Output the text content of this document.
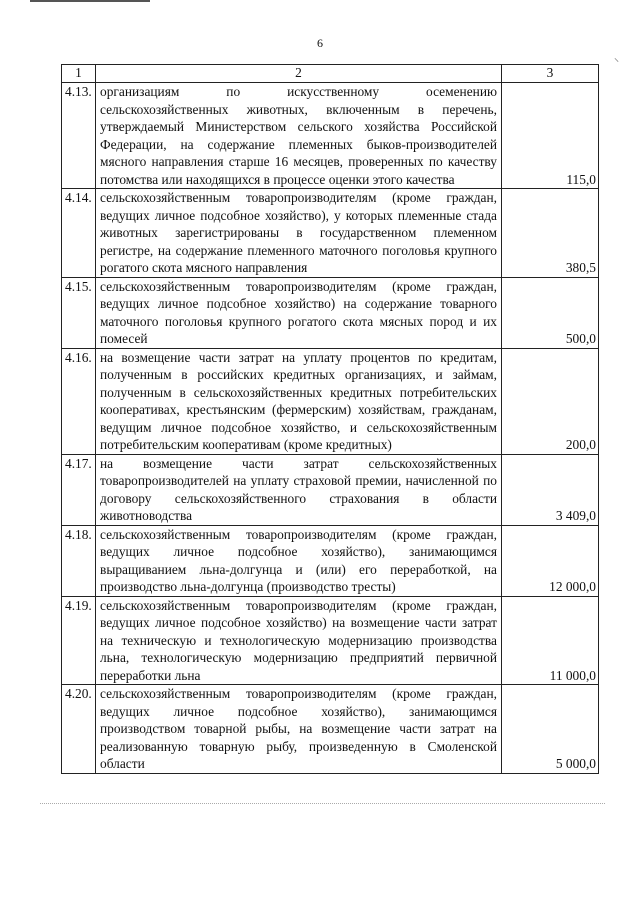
6
⸜
1	2	3
4.13.	организациям по искусственному осеменению сельскохозяйственных животных, включенным в перечень, утверждаемый Министерством сельского хозяйства Российской Федерации, на содержание племенных быков-производителей мясного направления старше 16 месяцев, проверенных по качеству потомства или находящихся в процессе оценки этого качества	115,0
4.14.	сельскохозяйственным товаропроизводителям (кроме граждан, ведущих личное подсобное хозяйство), у которых племенные стада животных зарегистрированы в государственном племенном регистре, на содержание племенного маточного поголовья крупного рогатого скота мясного направления	380,5
4.15.	сельскохозяйственным товаропроизводителям (кроме граждан, ведущих личное подсобное хозяйство) на содержание товарного маточного поголовья крупного рогатого скота мясных пород и их помесей	500,0
4.16.	на возмещение части затрат на уплату процентов по кредитам, полученным в российских кредитных организациях, и займам, полученным в сельскохозяйственных кредитных потребительских кооперативах, крестьянским (фермерским) хозяйствам, гражданам, ведущим личное подсобное хозяйство, и сельскохозяйственным потребительским кооперативам (кроме кредитных)	200,0
4.17.	на возмещение части затрат сельскохозяйственных товаропроизводителей на уплату страховой премии, начисленной по договору сельскохозяйственного страхования в области животноводства	3 409,0
4.18.	сельскохозяйственным товаропроизводителям (кроме граждан, ведущих личное подсобное хозяйство), занимающимся выращиванием льна-долгунца и (или) его переработкой, на производство льна-долгунца (производство тресты)	12 000,0
4.19.	сельскохозяйственным товаропроизводителям (кроме граждан, ведущих личное подсобное хозяйство) на возмещение части затрат на техническую и технологическую модернизацию производства льна, технологическую модернизацию предприятий первичной переработки льна	11 000,0
4.20.	сельскохозяйственным товаропроизводителям (кроме граждан, ведущих личное подсобное хозяйство), занимающимся производством товарной рыбы, на возмещение части затрат на реализованную товарную рыбу, произведенную в Смоленской области	5 000,0
